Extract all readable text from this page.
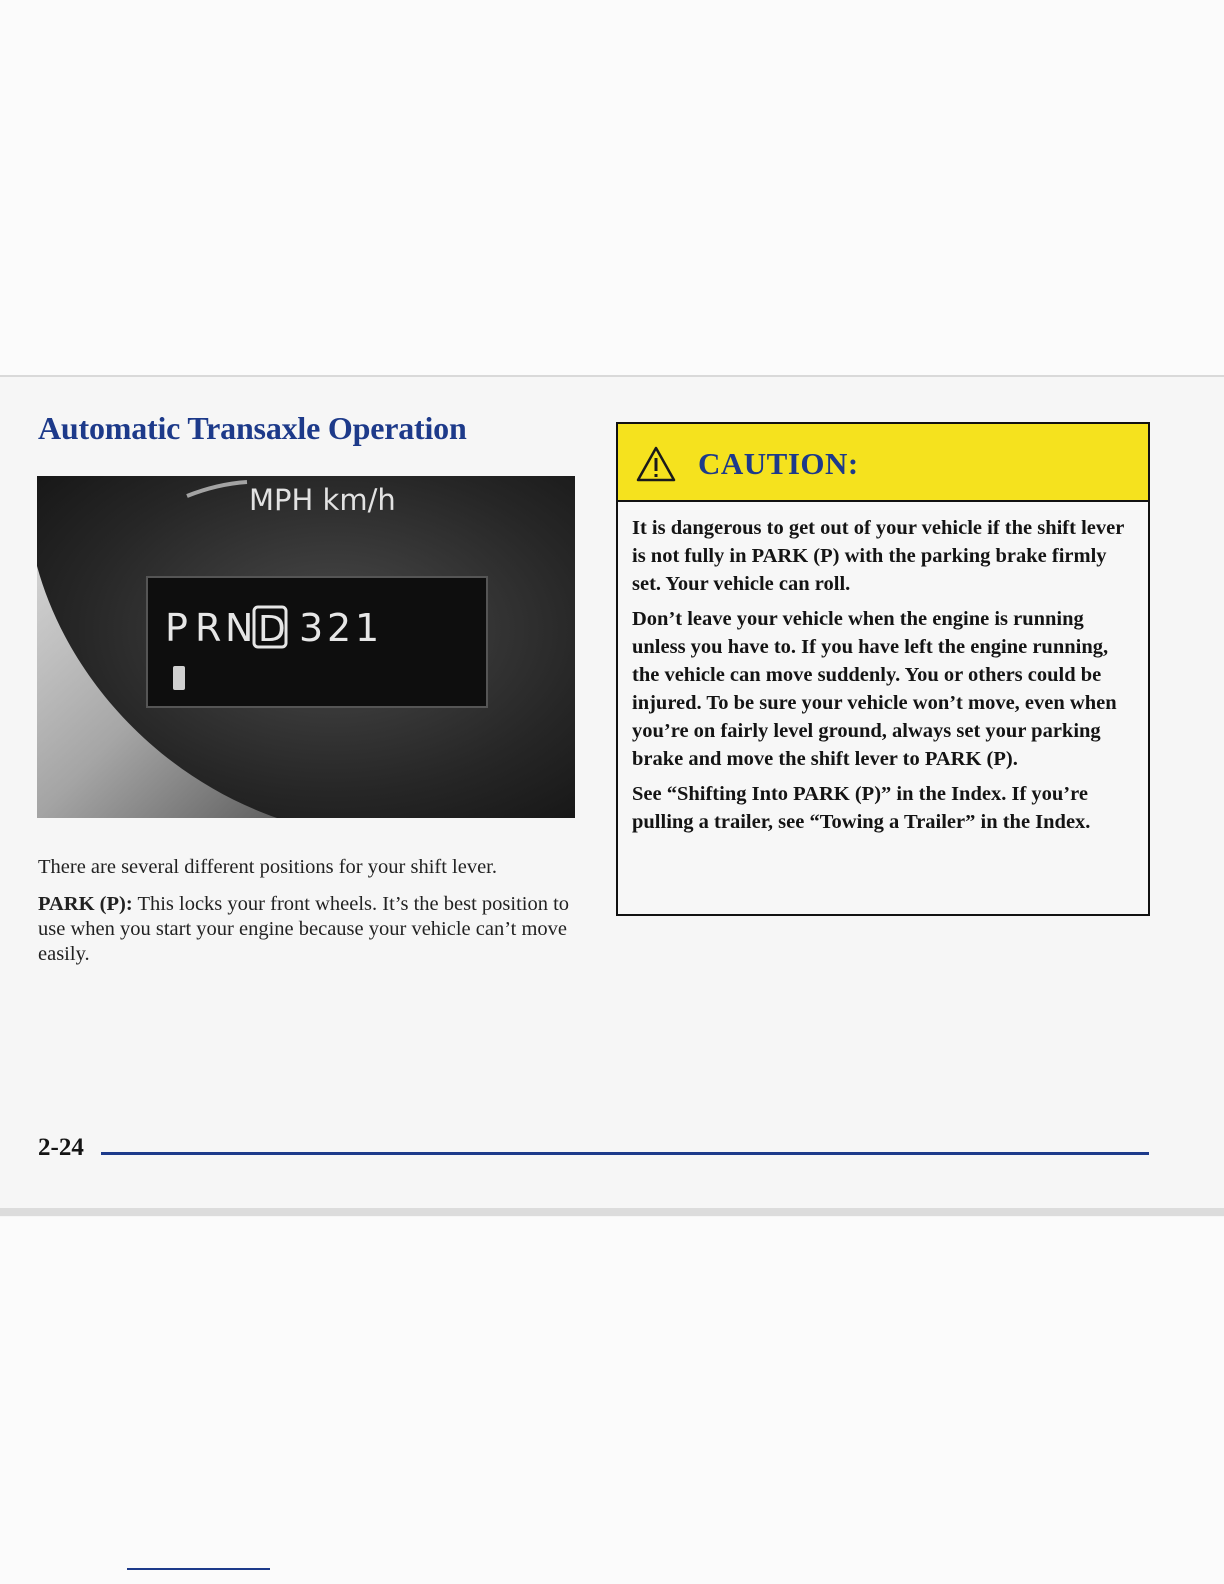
Automatic Transaxle Operation
MPH km/h
P R N D 3 2 1

There are several different positions for your shift lever.

PARK (P): This locks your front wheels. It’s the best position to use when you start your engine because your vehicle can’t move easily.

CAUTION:

It is dangerous to get out of your vehicle if the shift lever is not fully in PARK (P) with the parking brake firmly set. Your vehicle can roll.

Don’t leave your vehicle when the engine is running unless you have to. If you have left the engine running, the vehicle can move suddenly. You or others could be injured. To be sure your vehicle won’t move, even when you’re on fairly level ground, always set your parking brake and move the shift lever to PARK (P).

See “Shifting Into PARK (P)” in the Index. If you’re pulling a trailer, see “Towing a Trailer” in the Index.

2-24
